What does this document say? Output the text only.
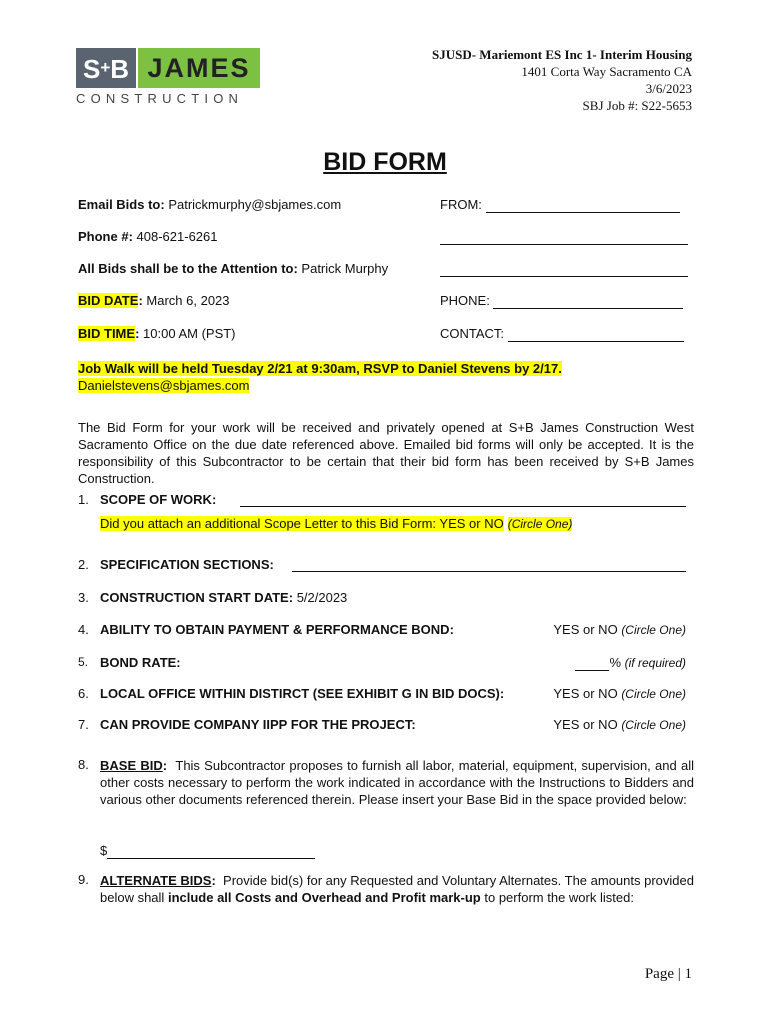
S+B JAMES
CONSTRUCTION
SJUSD- Mariemont ES Inc 1- Interim Housing
1401 Corta Way Sacramento CA
3/6/2023
SBJ Job #: S22-5653
BID FORM
Email Bids to: Patrickmurphy@sbjames.com	FROM:
Phone #: 408-621-6261

All Bids shall be to the Attention to: Patrick Murphy

BID DATE: March 6, 2023	PHONE:
BID TIME: 10:00 AM (PST)	CONTACT:
Job Walk will be held Tuesday 2/21 at 9:30am, RSVP to Daniel Stevens by 2/17.
Danielstevens@sbjames.com
The Bid Form for your work will be received and privately opened at S+B James Construction West Sacramento Office on the due date referenced above. Emailed bid forms will only be accepted. It is the responsibility of this Subcontractor to be certain that their bid form has been received by S+B James Construction.
1. SCOPE OF WORK:
Did you attach an additional Scope Letter to this Bid Form: YES or NO (Circle One)
2. SPECIFICATION SECTIONS:
3. CONSTRUCTION START DATE: 5/2/2023
4. ABILITY TO OBTAIN PAYMENT & PERFORMANCE BOND:	YES or NO (Circle One)
5. BOND RATE:	% (if required)
6. LOCAL OFFICE WITHIN DISTIRCT (SEE EXHIBIT G IN BID DOCS):	YES or NO (Circle One)
7. CAN PROVIDE COMPANY IIPP FOR THE PROJECT:	YES or NO (Circle One)
8. BASE BID: This Subcontractor proposes to furnish all labor, material, equipment, supervision, and all other costs necessary to perform the work indicated in accordance with the Instructions to Bidders and various other documents referenced therein. Please insert your Base Bid in the space provided below:
$
9. ALTERNATE BIDS: Provide bid(s) for any Requested and Voluntary Alternates. The amounts provided below shall include all Costs and Overhead and Profit mark-up to perform the work listed:
Page | 1
